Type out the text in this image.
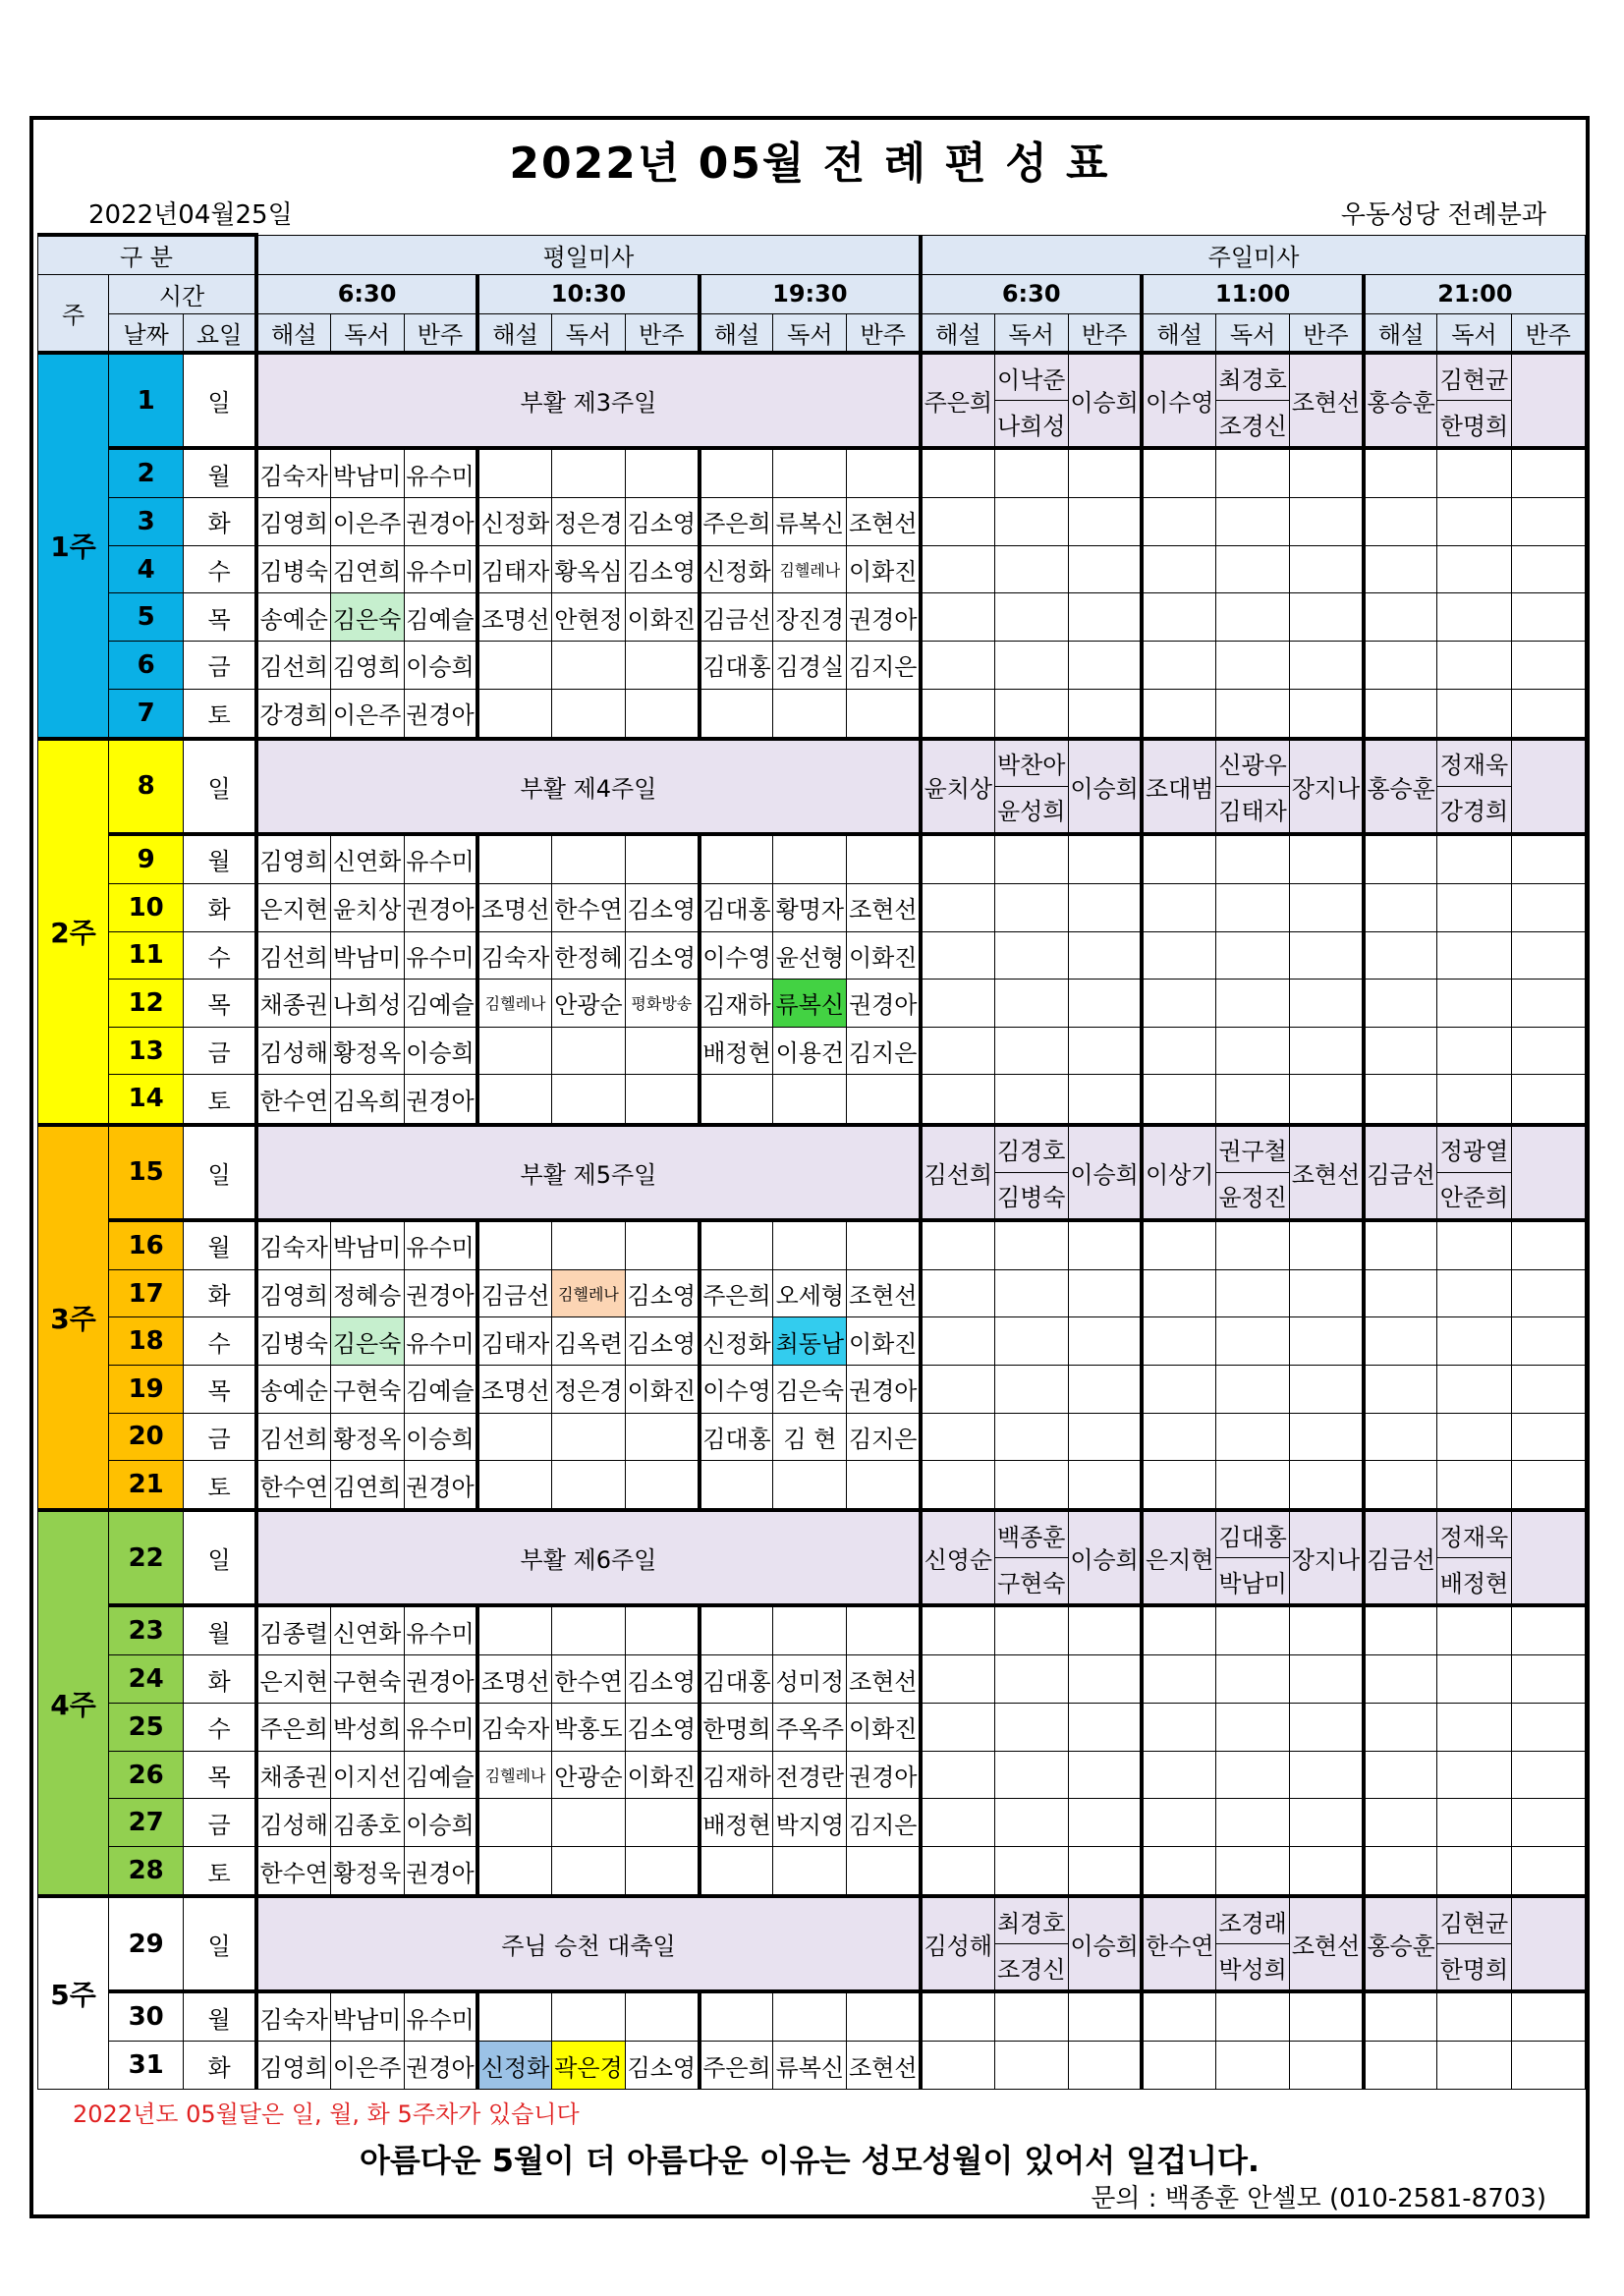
2022년 05월 전 례 편 성 표
2022년04월25일	우동성당 전례분과
구 분			평일미사									주일미사								
주	시간		6:30			10:30			19:30			6:30			11:00			21:00		
	날짜	요일	해설	독서	반주	해설	독서	반주	해설	독서	반주	해설	독서	반주	해설	독서	반주	해설	독서	반주
1주	1	일	부활 제3주일									주은희	이낙준	이승희	이수영	최경호	조현선	홍승훈	김현균	
													나희성			조경신			한명희	
	2	월	김숙자	박남미	유수미															
	3	화	김영희	이은주	권경아	신정화	정은경	김소영	주은희	류복신	조현선									
	4	수	김병숙	김연희	유수미	김태자	황옥심	김소영	신정화	김헬레나	이화진									
	5	목	송예순	김은숙	김예슬	조명선	안현정	이화진	김금선	장진경	권경아									
	6	금	김선희	김영희	이승희				김대홍	김경실	김지은									
	7	토	강경희	이은주	권경아															
2주	8	일	부활 제4주일									윤치상	박찬아	이승희	조대범	신광우	장지나	홍승훈	정재욱	
													윤성희			김태자			강경희	
	9	월	김영희	신연화	유수미															
	10	화	은지현	윤치상	권경아	조명선	한수연	김소영	김대홍	황명자	조현선									
	11	수	김선희	박남미	유수미	김숙자	한정혜	김소영	이수영	윤선형	이화진									
	12	목	채종권	나희성	김예슬	김헬레나	안광순	평화방송	김재하	류복신	권경아									
	13	금	김성해	황정옥	이승희				배정현	이용건	김지은									
	14	토	한수연	김옥희	권경아															
3주	15	일	부활 제5주일									김선희	김경호	이승희	이상기	권구철	조현선	김금선	정광열	
													김병숙			윤정진			안준희	
	16	월	김숙자	박남미	유수미															
	17	화	김영희	정혜승	권경아	김금선	김헬레나	김소영	주은희	오세형	조현선									
	18	수	김병숙	김은숙	유수미	김태자	김옥련	김소영	신정화	최동남	이화진									
	19	목	송예순	구현숙	김예슬	조명선	정은경	이화진	이수영	김은숙	권경아									
	20	금	김선희	황정옥	이승희				김대홍	김 현	김지은									
	21	토	한수연	김연희	권경아															
4주	22	일	부활 제6주일									신영순	백종훈	이승희	은지현	김대홍	장지나	김금선	정재욱	
													구현숙			박남미			배정현	
	23	월	김종렬	신연화	유수미															
	24	화	은지현	구현숙	권경아	조명선	한수연	김소영	김대홍	성미정	조현선									
	25	수	주은희	박성희	유수미	김숙자	박홍도	김소영	한명희	주옥주	이화진									
	26	목	채종권	이지선	김예슬	김헬레나	안광순	이화진	김재하	전경란	권경아									
	27	금	김성해	김종호	이승희				배정현	박지영	김지은									
	28	토	한수연	황정욱	권경아															
5주	29	일	주님 승천 대축일									김성해	최경호	이승희	한수연	조경래	조현선	홍승훈	김현균	
													조경신			박성희			한명희	
	30	월	김숙자	박남미	유수미															
	31	화	김영희	이은주	권경아	신정화	곽은경	김소영	주은희	류복신	조현선									
2022년도 05월달은 일, 월, 화 5주차가 있습니다
아름다운 5월이 더 아름다운 이유는 성모성월이 있어서 일겁니다.
문의 : 백종훈 안셀모 (010-2581-8703)
